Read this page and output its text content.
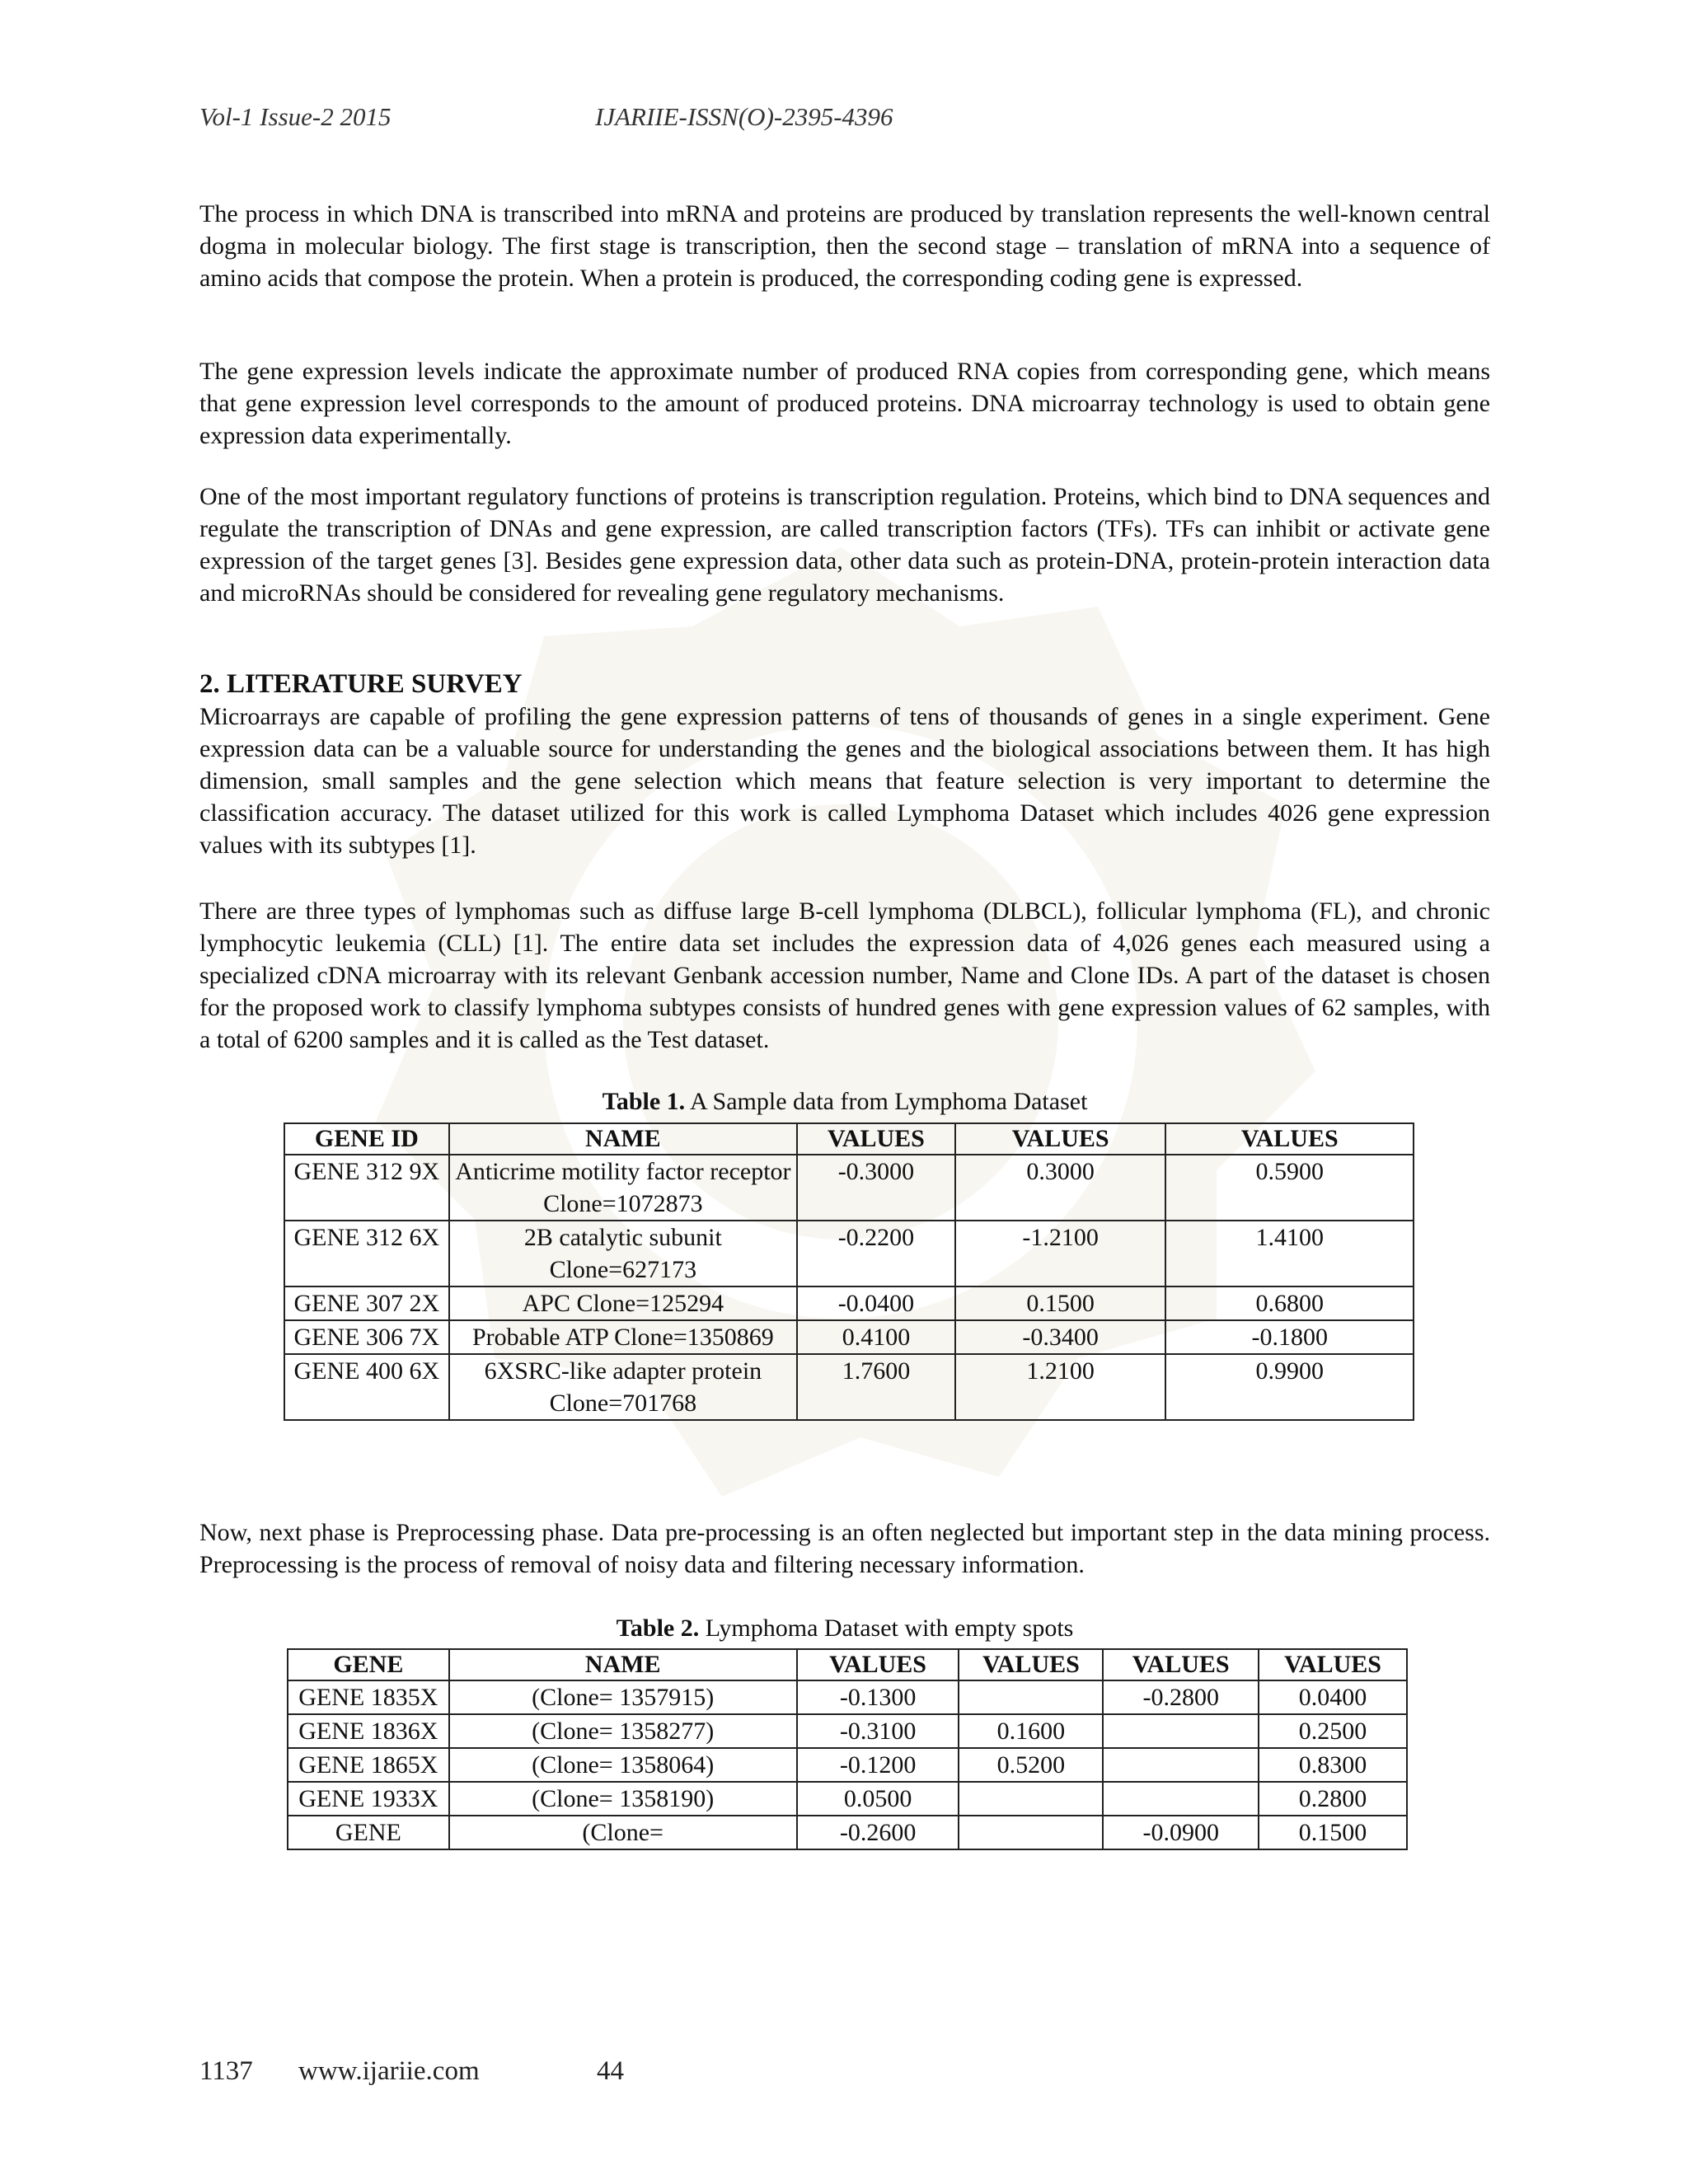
Vol-1 Issue-2 2015	IJARIIE-ISSN(O)-2395-4396

The process in which DNA is transcribed into mRNA and proteins are produced by translation represents the well-known central dogma in molecular biology. The first stage is transcription, then the second stage – translation of mRNA into a sequence of amino acids that compose the protein. When a protein is produced, the corresponding coding gene is expressed.

The gene expression levels indicate the approximate number of produced RNA copies from corresponding gene, which means that gene expression level corresponds to the amount of produced proteins. DNA microarray technology is used to obtain gene expression data experimentally.

One of the most important regulatory functions of proteins is transcription regulation. Proteins, which bind to DNA sequences and regulate the transcription of DNAs and gene expression, are called transcription factors (TFs). TFs can inhibit or activate gene expression of the target genes [3]. Besides gene expression data, other data such as protein-DNA, protein-protein interaction data and microRNAs should be considered for revealing gene regulatory mechanisms.

2. LITERATURE SURVEY

Microarrays are capable of profiling the gene expression patterns of tens of thousands of genes in a single experiment. Gene expression data can be a valuable source for understanding the genes and the biological associations between them. It has high dimension, small samples and the gene selection which means that feature selection is very important to determine the classification accuracy. The dataset utilized for this work is called Lymphoma Dataset which includes 4026 gene expression values with its subtypes [1].

There are three types of lymphomas such as diffuse large B-cell lymphoma (DLBCL), follicular lymphoma (FL), and chronic lymphocytic leukemia (CLL) [1]. The entire data set includes the expression data of 4,026 genes each measured using a specialized cDNA microarray with its relevant Genbank accession number, Name and Clone IDs. A part of the dataset is chosen for the proposed work to classify lymphoma subtypes consists of hundred genes with gene expression values of 62 samples, with a total of 6200 samples and it is called as the Test dataset.

Table 1. A Sample data from Lymphoma Dataset

GENE ID	NAME	VALUES	VALUES	VALUES
GENE 312 9X	Anticrime motility factor receptor Clone=1072873	-0.3000	0.3000	0.5900
GENE 312 6X	2B catalytic subunit Clone=627173	-0.2200	-1.2100	1.4100
GENE 307 2X	APC Clone=125294	-0.0400	0.1500	0.6800
GENE 306 7X	Probable ATP Clone=1350869	0.4100	-0.3400	-0.1800
GENE 400 6X	6XSRC-like adapter protein Clone=701768	1.7600	1.2100	0.9900

Now, next phase is Preprocessing phase. Data pre-processing is an often neglected but important step in the data mining process. Preprocessing is the process of removal of noisy data and filtering necessary information.

Table 2. Lymphoma Dataset with empty spots

GENE	NAME	VALUES	VALUES	VALUES	VALUES
GENE 1835X	(Clone= 1357915)	-0.1300		-0.2800	0.0400
GENE 1836X	(Clone= 1358277)	-0.3100	0.1600		0.2500
GENE 1865X	(Clone= 1358064)	-0.1200	0.5200		0.8300
GENE 1933X	(Clone= 1358190)	0.0500			0.2800
GENE	(Clone=	-0.2600		-0.0900	0.1500
1137 www.ijariie.com	44
